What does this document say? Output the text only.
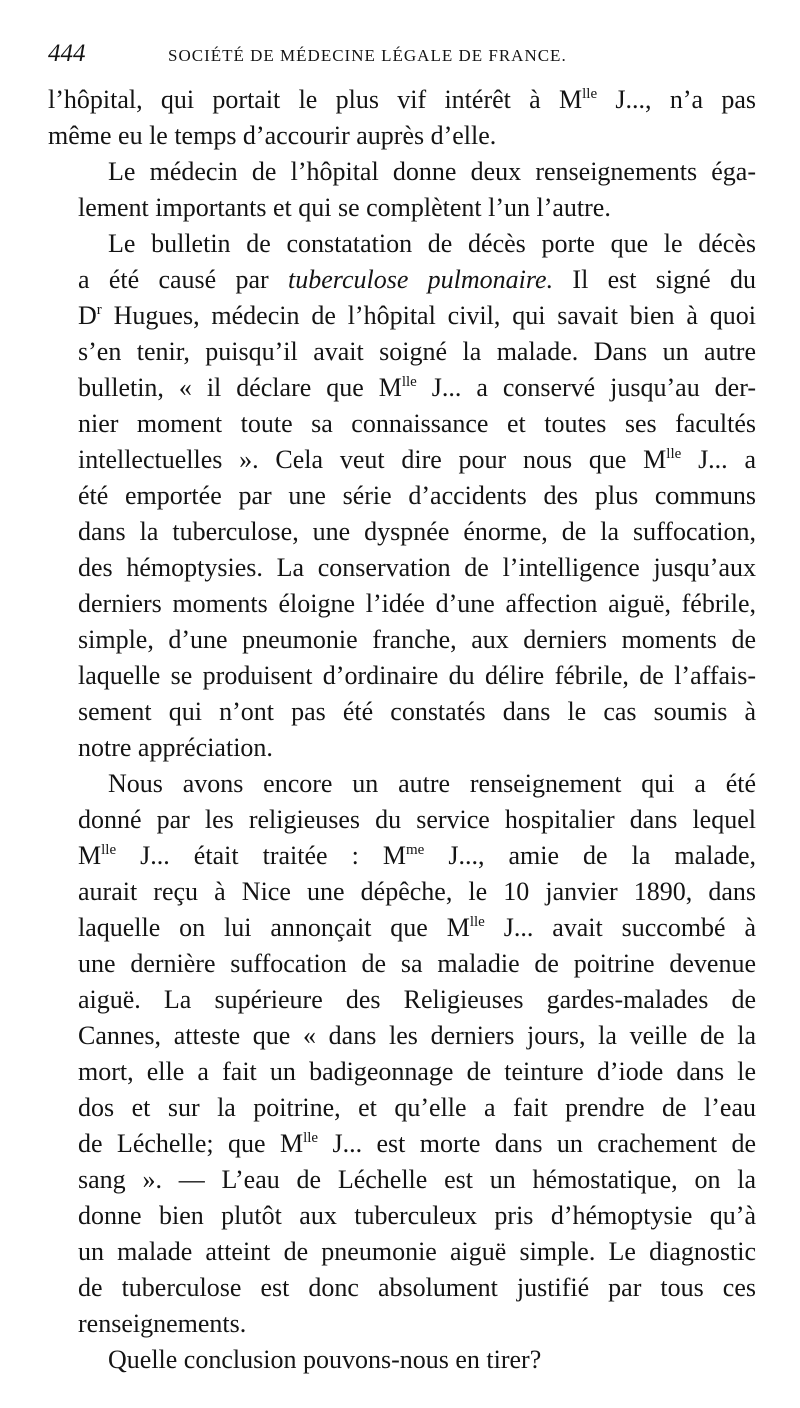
444	SOCIÉTÉ DE MÉDECINE LÉGALE DE FRANCE.
l’hôpital, qui portait le plus vif intérêt à $M^{lle}$ J..., n’a pas
même eu le temps d’accourir auprès d’elle.
Le médecin de l’hôpital donne deux renseignements éga-
lement importants et qui se complètent l’un l’autre.
Le bulletin de constatation de décès porte que le décès
a été causé par tuberculose pulmonaire. Il est signé du
$D^r$ Hugues, médecin de l’hôpital civil, qui savait bien à quoi
s’en tenir, puisqu’il avait soigné la malade. Dans un autre
bulletin, « il déclare que $M^{lle}$ J... a conservé jusqu’au der-
nier moment toute sa connaissance et toutes ses facultés
intellectuelles ». Cela veut dire pour nous que $M^{lle}$ J... a
été emportée par une série d’accidents des plus communs
dans la tuberculose, une dyspnée énorme, de la suffocation,
des hémoptysies. La conservation de l’intelligence jusqu’aux
derniers moments éloigne l’idée d’une affection aiguë, fébrile,
simple, d’une pneumonie franche, aux derniers moments de
laquelle se produisent d’ordinaire du délire fébrile, de l’affais-
sement qui n’ont pas été constatés dans le cas soumis à
notre appréciation.
Nous avons encore un autre renseignement qui a été
donné par les religieuses du service hospitalier dans lequel
$M^{lle}$ J... était traitée : $M^{me}$ J..., amie de la malade,
aurait reçu à Nice une dépêche, le 10 janvier 1890, dans
laquelle on lui annonçait que $M^{lle}$ J... avait succombé à
une dernière suffocation de sa maladie de poitrine devenue
aiguë. La supérieure des Religieuses gardes-malades de
Cannes, atteste que « dans les derniers jours, la veille de la
mort, elle a fait un badigeonnage de teinture d’iode dans le
dos et sur la poitrine, et qu’elle a fait prendre de l’eau
de Léchelle; que $M^{lle}$ J... est morte dans un crachement de
sang ». — L’eau de Léchelle est un hémostatique, on la
donne bien plutôt aux tuberculeux pris d’hémoptysie qu’à
un malade atteint de pneumonie aiguë simple. Le diagnostic
de tuberculose est donc absolument justifié par tous ces
renseignements.
Quelle conclusion pouvons-nous en tirer?
